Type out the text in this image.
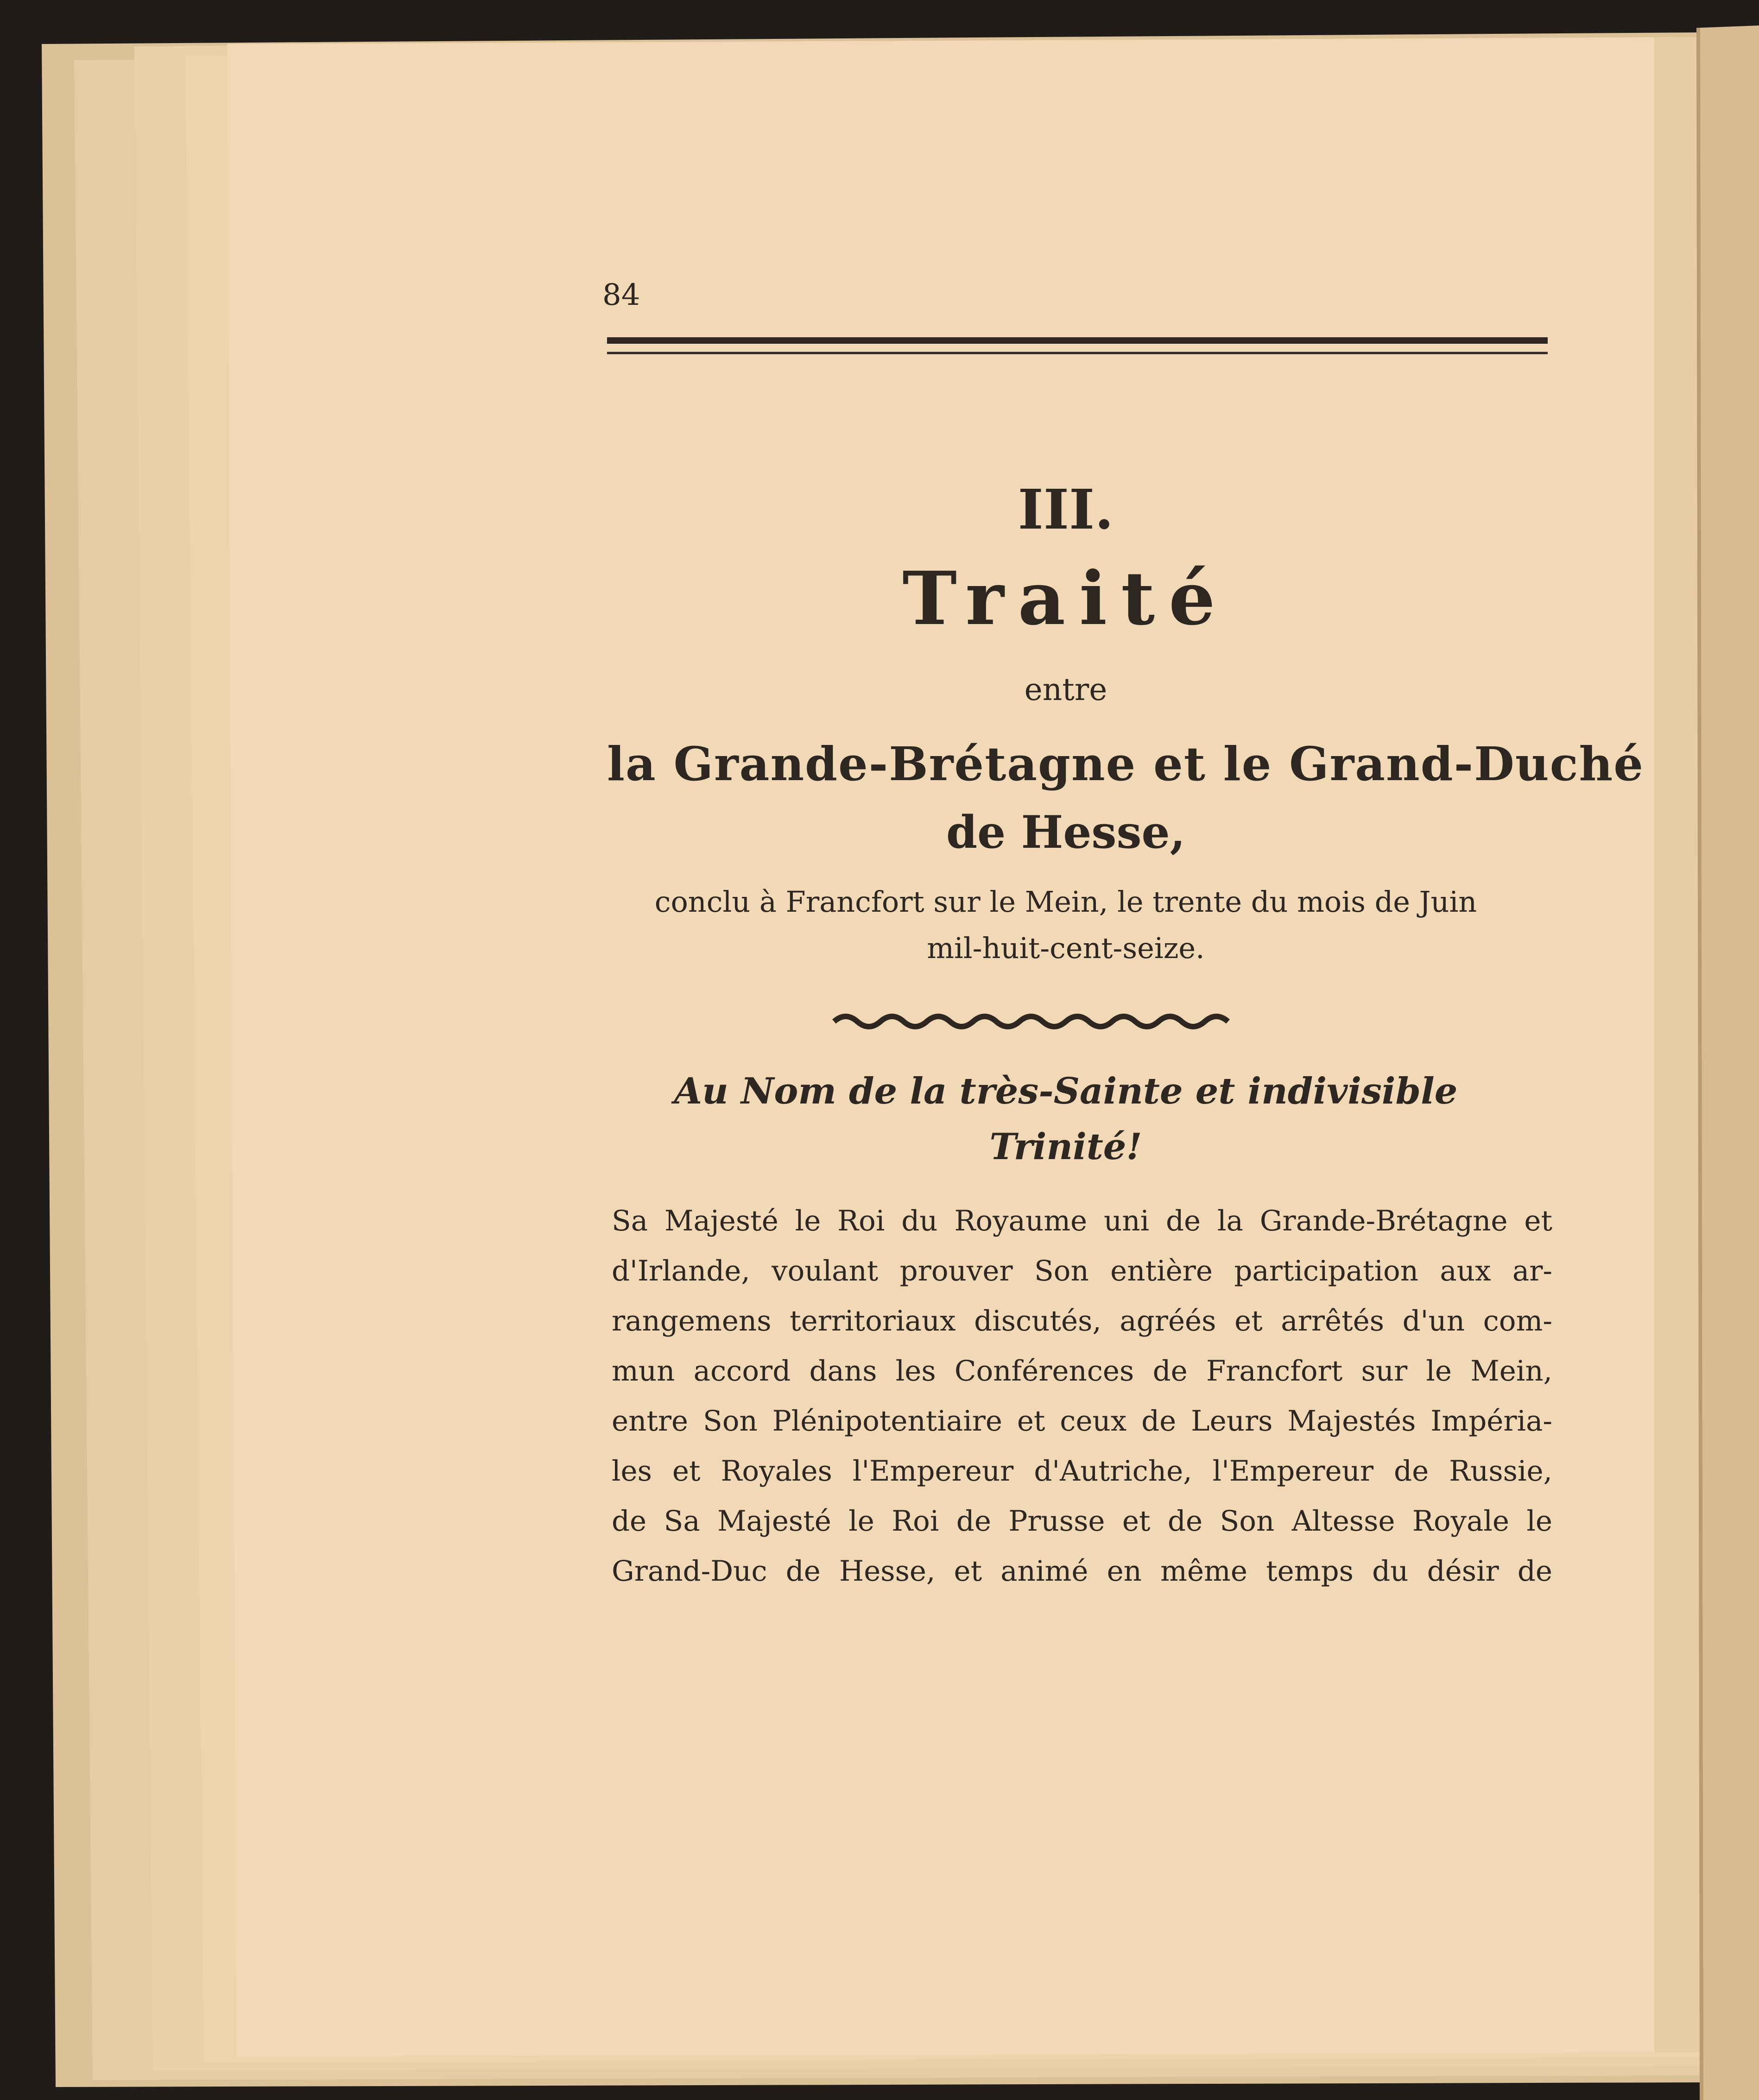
84
III.
Traité
entre
la Grande-Brétagne et le Grand-Duché
de Hesse,
conclu à Francfort sur le Mein, le trente du mois de Juin
mil-huit-cent-seize.
Au Nom de la très-Sainte et indivisible
Trinité!
Sa Majesté le Roi du Royaume uni de la Grande-Brétagne et
d'Irlande, voulant prouver Son entière participation aux ar-
rangemens territoriaux discutés, agréés et arrêtés d'un com-
mun accord dans les Conférences de Francfort sur le Mein,
entre Son Plénipotentiaire et ceux de Leurs Majestés Impéria-
les et Royales l'Empereur d'Autriche, l'Empereur de Russie,
de Sa Majesté le Roi de Prusse et de Son Altesse Royale le
Grand-Duc de Hesse, et animé en même temps du désir de
